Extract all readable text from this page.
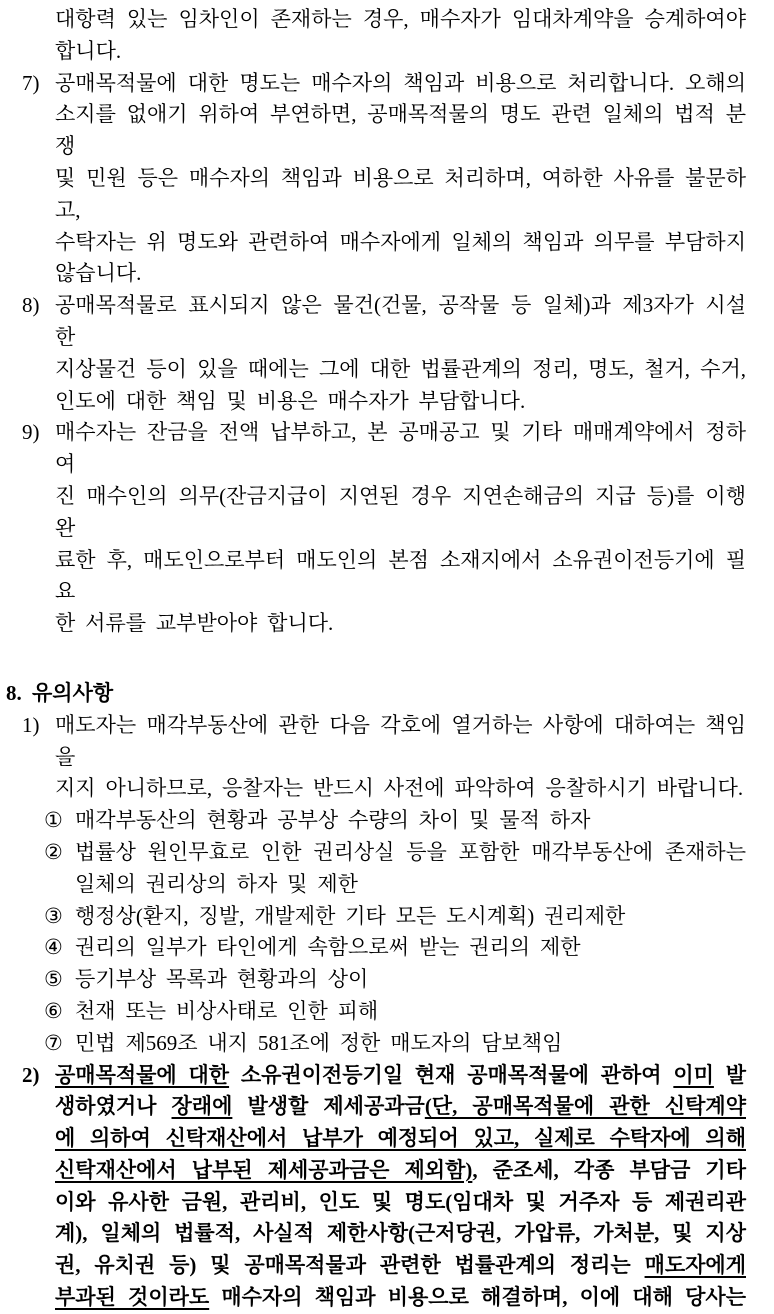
대항력 있는 임차인이 존재하는 경우, 매수자가 임대차계약을 승계하여야
합니다.
7) 공매목적물에 대한 명도는 매수자의 책임과 비용으로 처리합니다. 오해의
소지를 없애기 위하여 부연하면, 공매목적물의 명도 관련 일체의 법적 분쟁
및 민원 등은 매수자의 책임과 비용으로 처리하며, 여하한 사유를 불문하고,
수탁자는 위 명도와 관련하여 매수자에게 일체의 책임과 의무를 부담하지
않습니다.
8) 공매목적물로 표시되지 않은 물건(건물, 공작물 등 일체)과 제3자가 시설한
지상물건 등이 있을 때에는 그에 대한 법률관계의 정리, 명도, 철거, 수거,
인도에 대한 책임 및 비용은 매수자가 부담합니다.
9) 매수자는 잔금을 전액 납부하고, 본 공매공고 및 기타 매매계약에서 정하여
진 매수인의 의무(잔금지급이 지연된 경우 지연손해금의 지급 등)를 이행완
료한 후, 매도인으로부터 매도인의 본점 소재지에서 소유권이전등기에 필요
한 서류를 교부받아야 합니다.
8. 유의사항
1) 매도자는 매각부동산에 관한 다음 각호에 열거하는 사항에 대하여는 책임을
지지 아니하므로, 응찰자는 반드시 사전에 파악하여 응찰하시기 바랍니다.
① 매각부동산의 현황과 공부상 수량의 차이 및 물적 하자
② 법률상 원인무효로 인한 권리상실 등을 포함한 매각부동산에 존재하는
일체의 권리상의 하자 및 제한
③ 행정상(환지, 징발, 개발제한 기타 모든 도시계획) 권리제한
④ 권리의 일부가 타인에게 속함으로써 받는 권리의 제한
⑤ 등기부상 목록과 현황과의 상이
⑥ 천재 또는 비상사태로 인한 피해
⑦ 민법 제569조 내지 581조에 정한 매도자의 담보책임
2) 공매목적물에 대한 소유권이전등기일 현재 공매목적물에 관하여 이미 발
생하였거나 장래에 발생할 제세공과금(단, 공매목적물에 관한 신탁계약
에 의하여 신탁재산에서 납부가 예정되어 있고, 실제로 수탁자에 의해
신탁재산에서 납부된 제세공과금은 제외함), 준조세, 각종 부담금 기타
이와 유사한 금원, 관리비, 인도 및 명도(임대차 및 거주자 등 제권리관
계), 일체의 법률적, 사실적 제한사항(근저당권, 가압류, 가처분, 및 지상
권, 유치권 등) 및 공매목적물과 관련한 법률관계의 정리는 매도자에게
부과된 것이라도 매수자의 책임과 비용으로 해결하며, 이에 대해 당사는
